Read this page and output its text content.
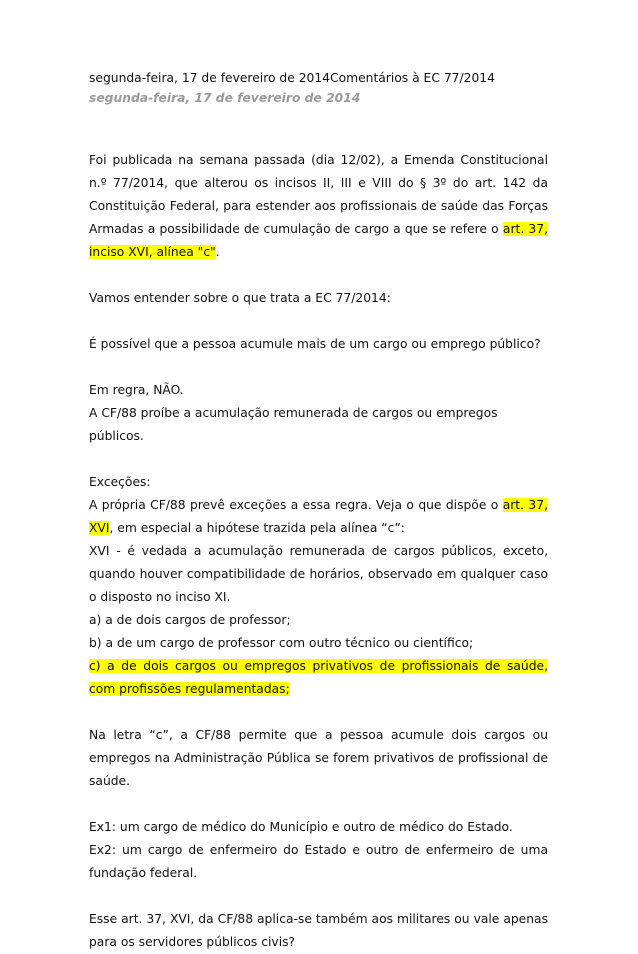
segunda-feira, 17 de fevereiro de 2014Comentários à EC 77/2014
segunda-feira, 17 de fevereiro de 2014
Foi publicada na semana passada (dia 12/02), a Emenda Constitucional n.º 77/2014, que alterou os incisos II, III e VIII do § 3º do art. 142 da Constituição Federal, para estender aos profissionais de saúde das Forças Armadas a possibilidade de cumulação de cargo a que se refere o art. 37, inciso XVI, alínea "c".
Vamos entender sobre o que trata a EC 77/2014:
É possível que a pessoa acumule mais de um cargo ou emprego público?
Em regra, NÃO.
A CF/88 proíbe a acumulação remunerada de cargos ou empregos públicos.
Exceções:
A própria CF/88 prevê exceções a essa regra. Veja o que dispõe o art. 37, XVI, em especial a hipótese trazida pela alínea “c”:
XVI - é vedada a acumulação remunerada de cargos públicos, exceto, quando houver compatibilidade de horários, observado em qualquer caso o disposto no inciso XI.
a) a de dois cargos de professor;
b) a de um cargo de professor com outro técnico ou científico;
c) a de dois cargos ou empregos privativos de profissionais de saúde, com profissões regulamentadas;
Na letra “c”, a CF/88 permite que a pessoa acumule dois cargos ou empregos na Administração Pública se forem privativos de profissional de saúde.
Ex1: um cargo de médico do Município e outro de médico do Estado.
Ex2: um cargo de enfermeiro do Estado e outro de enfermeiro de uma fundação federal.
Esse art. 37, XVI, da CF/88 aplica-se também aos militares ou vale apenas para os servidores públicos civis?
